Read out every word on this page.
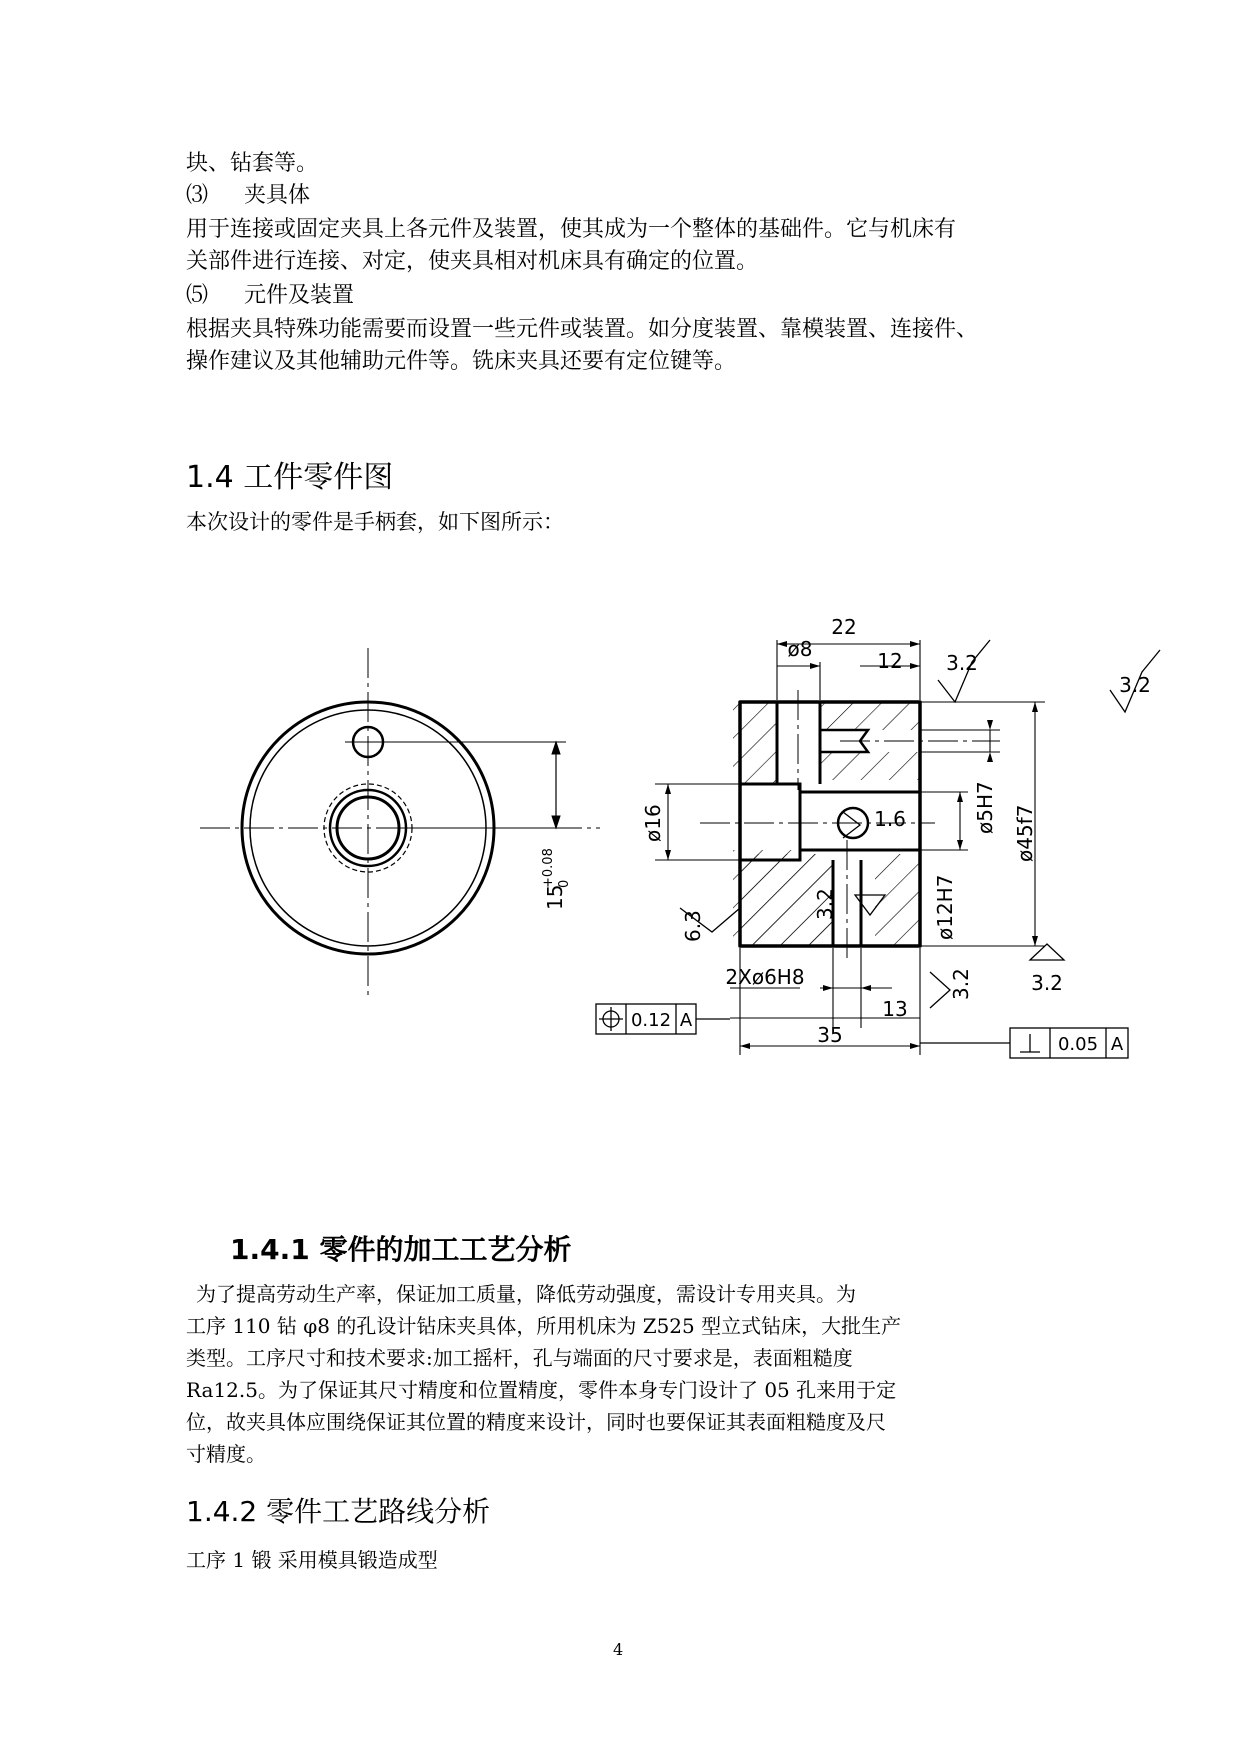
块、钻套等。
⑶ 夹具体
用于连接或固定夹具上各元件及装置，使其成为一个整体的基础件。它与机床有
关部件进行连接、对定，使夹具相对机床具有确定的位置。
⑸ 元件及装置
根据夹具特殊功能需要而设置一些元件或装置。如分度装置、靠模装置、连接件、
操作建议及其他辅助元件等。铣床夹具还要有定位键等。
1.4 工件零件图
本次设计的零件是手柄套，如下图所示：
15
+0.08 0
22
ø8	12 3.2
3.2
ø16	1.6	ø5H7 ø45f7
6.3
3.2	ø12H7
2Xø6H8	3.2	3.2
13
35
0.12 A
0.05 A
1.4.1 零件的加工工艺分析
为了提高劳动生产率，保证加工质量，降低劳动强度，需设计专用夹具。为
工序 110 钻 φ8 的孔设计钻床夹具体，所用机床为 Z525 型立式钻床，大批生产
类型。工序尺寸和技术要求:加工摇杆，孔与端面的尺寸要求是，表面粗糙度
Ra12.5。为了保证其尺寸精度和位置精度，零件本身专门设计了 05 孔来用于定
位，故夹具体应围绕保证其位置的精度来设计，同时也要保证其表面粗糙度及尺
寸精度。
1.4.2 零件工艺路线分析
工序 1 锻 采用模具锻造成型
4
